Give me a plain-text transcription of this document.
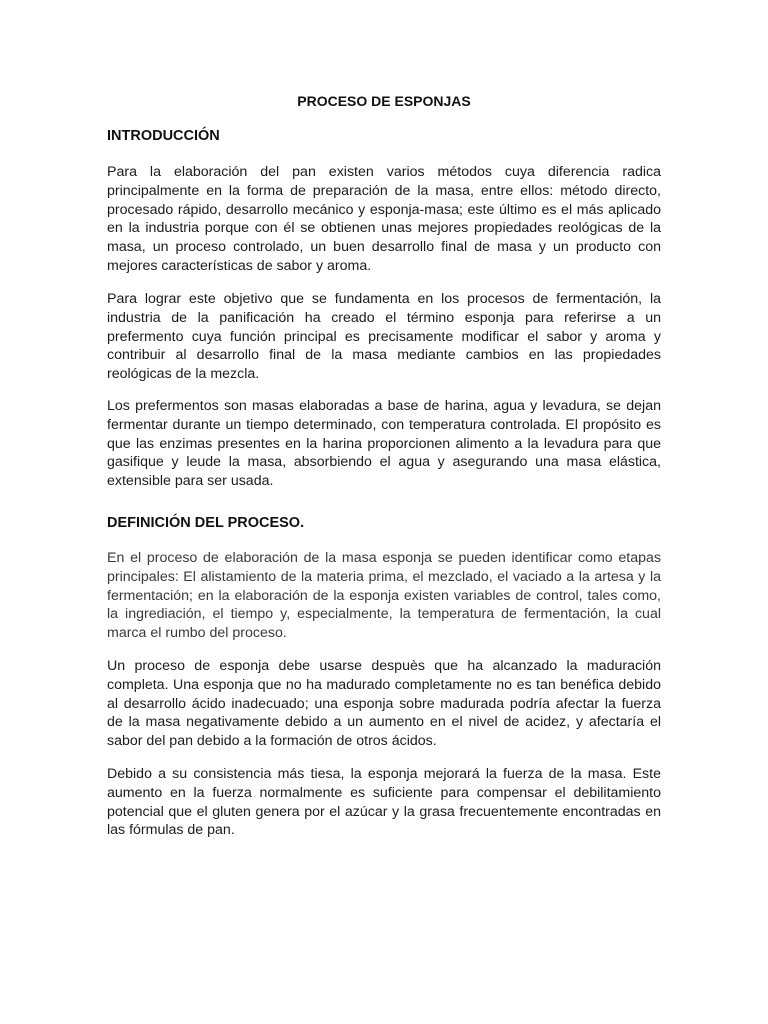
PROCESO DE ESPONJAS
INTRODUCCIÓN

Para la elaboración del pan existen varios métodos cuya diferencia radica principalmente en la forma de preparación de la masa, entre ellos: método directo, procesado rápido, desarrollo mecánico y esponja-masa; este último es el más aplicado en la industria porque con él se obtienen unas mejores propiedades reológicas de la masa, un proceso controlado, un buen desarrollo final de masa y un producto con mejores características de sabor y aroma.

Para lograr este objetivo que se fundamenta en los procesos de fermentación, la industria de la panificación ha creado el término esponja para referirse a un prefermento cuya función principal es precisamente modificar el sabor y aroma y contribuir al desarrollo final de la masa mediante cambios en las propiedades reológicas de la mezcla.

Los prefermentos son masas elaboradas a base de harina, agua y levadura, se dejan fermentar durante un tiempo determinado, con temperatura controlada. El propósito es que las enzimas presentes en la harina proporcionen alimento a la levadura para que gasifique y leude la masa, absorbiendo el agua y asegurando una masa elástica, extensible para ser usada.

DEFINICIÓN DEL PROCESO.

En el proceso de elaboración de la masa esponja se pueden identificar como etapas principales: El alistamiento de la materia prima, el mezclado, el vaciado a la artesa y la fermentación; en la elaboración de la esponja existen variables de control, tales como, la ingrediación, el tiempo y, especialmente, la temperatura de fermentación, la cual marca el rumbo del proceso.

Un proceso de esponja debe usarse despuès que ha alcanzado la maduración completa. Una esponja que no ha madurado completamente no es tan benéfica debido al desarrollo ácido inadecuado; una esponja sobre madurada podría afectar la fuerza de la masa negativamente debido a un aumento en el nivel de acidez, y afectaría el sabor del pan debido a la formación de otros ácidos.

Debido a su consistencia más tiesa, la esponja mejorará la fuerza de la masa. Este aumento en la fuerza normalmente es suficiente para compensar el debilitamiento potencial que el gluten genera por el azúcar y la grasa frecuentemente encontradas en las fórmulas de pan.
